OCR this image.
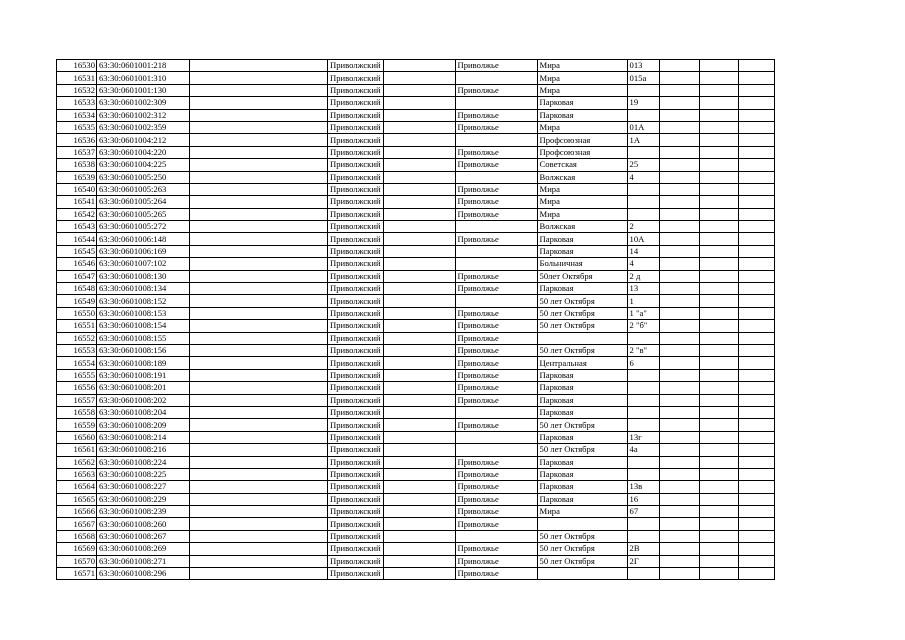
16530	63:30:0601001:218		Приволжский		Приволжье	Мира	013			
16531	63:30:0601001:310		Приволжский			Мира	015а			
16532	63:30:0601001:130		Приволжский		Приволжье	Мира				
16533	63:30:0601002:309		Приволжский			Парковая	19			
16534	63:30:0601002:312		Приволжский		Приволжье	Парковая				
16535	63:30:0601002:359		Приволжский		Приволжье	Мира	01А			
16536	63:30:0601004:212		Приволжский			Профсоюзная	1А			
16537	63:30:0601004:220		Приволжский		Приволжье	Профсоюзная				
16538	63:30:0601004:225		Приволжский		Приволжье	Советская	25			
16539	63:30:0601005:250		Приволжский			Волжская	4			
16540	63:30:0601005:263		Приволжский		Приволжье	Мира				
16541	63:30:0601005:264		Приволжский		Приволжье	Мира				
16542	63:30:0601005:265		Приволжский		Приволжье	Мира				
16543	63:30:0601005:272		Приволжский			Волжская	2			
16544	63:30:0601006:148		Приволжский		Приволжье	Парковая	10А			
16545	63:30:0601006:169		Приволжский			Парковая	14			
16546	63:30:0601007:102		Приволжский			Больничная	4			
16547	63:30:0601008:130		Приволжский		Приволжье	50лет Октября	2 д			
16548	63:30:0601008:134		Приволжский		Приволжье	Парковая	13			
16549	63:30:0601008:152		Приволжский			50 лет Октября	1			
16550	63:30:0601008:153		Приволжский		Приволжье	50 лет Октября	1 "а"			
16551	63:30:0601008:154		Приволжский		Приволжье	50 лет Октября	2 "б"			
16552	63:30:0601008:155		Приволжский		Приволжье					
16553	63:30:0601008:156		Приволжский		Приволжье	50 лет Октября	2 "в"			
16554	63:30:0601008:189		Приволжский		Приволжье	Центральная	6			
16555	63:30:0601008:191		Приволжский		Приволжье	Парковая				
16556	63:30:0601008:201		Приволжский		Приволжье	Парковая				
16557	63:30:0601008:202		Приволжский		Приволжье	Парковая				
16558	63:30:0601008:204		Приволжский			Парковая				
16559	63:30:0601008:209		Приволжский		Приволжье	50 лет Октября				
16560	63:30:0601008:214		Приволжский			Парковая	13г			
16561	63:30:0601008:216		Приволжский			50 лет Октября	4а			
16562	63:30:0601008:224		Приволжский		Приволжье	Парковая				
16563	63:30:0601008:225		Приволжский		Приволжье	Парковая				
16564	63:30:0601008:227		Приволжский		Приволжье	Парковая	13в			
16565	63:30:0601008:229		Приволжский		Приволжье	Парковая	16			
16566	63:30:0601008:239		Приволжский		Приволжье	Мира	67			
16567	63:30:0601008:260		Приволжский		Приволжье					
16568	63:30:0601008:267		Приволжский			50 лет Октября				
16569	63:30:0601008:269		Приволжский		Приволжье	50 лет Октября	2В			
16570	63:30:0601008:271		Приволжский		Приволжье	50 лет Октября	2Г			
16571	63:30:0601008:296		Приволжский		Приволжье					
